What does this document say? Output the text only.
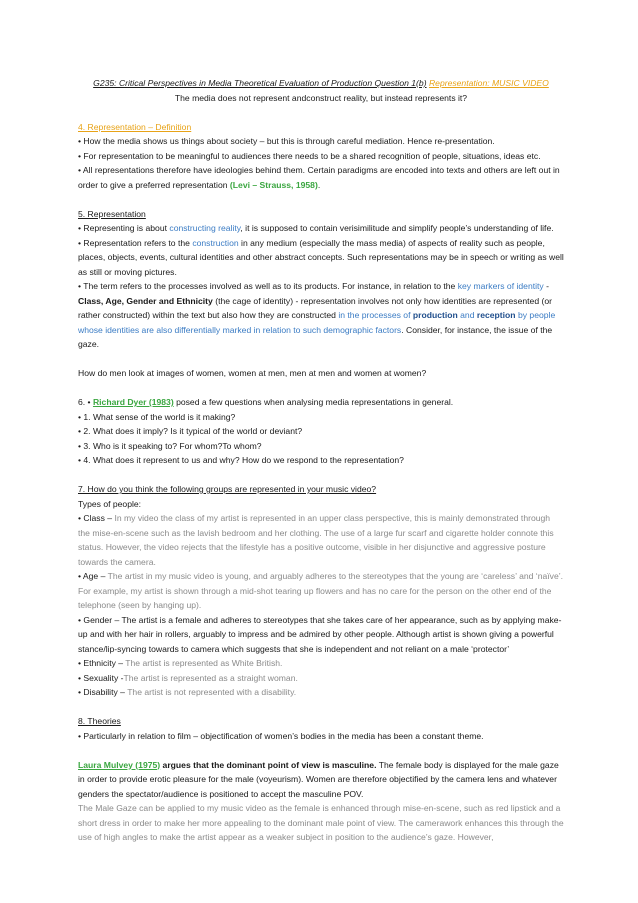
G235: Critical Perspectives in Media Theoretical Evaluation of Production Question 1(b) Representation: MUSIC VIDEO

The media does not represent andconstruct reality, but instead represents it?

4. Representation – Definition

• How the media shows us things about society – but this is through careful mediation. Hence re-presentation.

• For representation to be meaningful to audiences there needs to be a shared recognition of people, situations, ideas etc.

• All representations therefore have ideologies behind them. Certain paradigms are encoded into texts and others are left out in order to give a preferred representation (Levi – Strauss, 1958).

5. Representation

• Representing is about constructing reality, it is supposed to contain verisimilitude and simplify people’s understanding of life.

• Representation refers to the construction in any medium (especially the mass media) of aspects of reality such as people, places, objects, events, cultural identities and other abstract concepts. Such representations may be in speech or writing as well as still or moving pictures.

• The term refers to the processes involved as well as to its products. For instance, in relation to the key markers of identity - Class, Age, Gender and Ethnicity (the cage of identity) - representation involves not only how identities are represented (or rather constructed) within the text but also how they are constructed in the processes of production and reception by people whose identities are also differentially marked in relation to such demographic factors. Consider, for instance, the issue of the gaze.

How do men look at images of women, women at men, men at men and women at women?

6. • Richard Dyer (1983) posed a few questions when analysing media representations in general.

• 1. What sense of the world is it making?

• 2. What does it imply? Is it typical of the world or deviant?

• 3. Who is it speaking to? For whom?To whom?

• 4. What does it represent to us and why? How do we respond to the representation?

7. How do you think the following groups are represented in your music video?

Types of people:

• Class – In my video the class of my artist is represented in an upper class perspective, this is mainly demonstrated through the mise-en-scene such as the lavish bedroom and her clothing. The use of a large fur scarf and cigarette holder connote this status. However, the video rejects that the lifestyle has a positive outcome, visible in her disjunctive and aggressive posture towards the camera.

• Age – The artist in my music video is young, and arguably adheres to the stereotypes that the young are ‘careless’ and ‘naïve’. For example, my artist is shown through a mid-shot tearing up flowers and has no care for the person on the other end of the telephone (seen by hanging up).

• Gender – The artist is a female and adheres to stereotypes that she takes care of her appearance, such as by applying make-up and with her hair in rollers, arguably to impress and be admired by other people. Although artist is shown giving a powerful stance/lip-syncing towards to camera which suggests that she is independent and not reliant on a male ‘protector’

• Ethnicity – The artist is represented as White British.

• Sexuality -The artist is represented as a straight woman.

• Disability – The artist is not represented with a disability.

8. Theories

• Particularly in relation to film – objectification of women’s bodies in the media has been a constant theme.

Laura Mulvey (1975) argues that the dominant point of view is masculine. The female body is displayed for the male gaze in order to provide erotic pleasure for the male (voyeurism). Women are therefore objectified by the camera lens and whatever genders the spectator/audience is positioned to accept the masculine POV.

The Male Gaze can be applied to my music video as the female is enhanced through mise-en-scene, such as red lipstick and a short dress in order to make her more appealing to the dominant male point of view. The camerawork enhances this through the use of high angles to make the artist appear as a weaker subject in position to the audience’s gaze. However,
